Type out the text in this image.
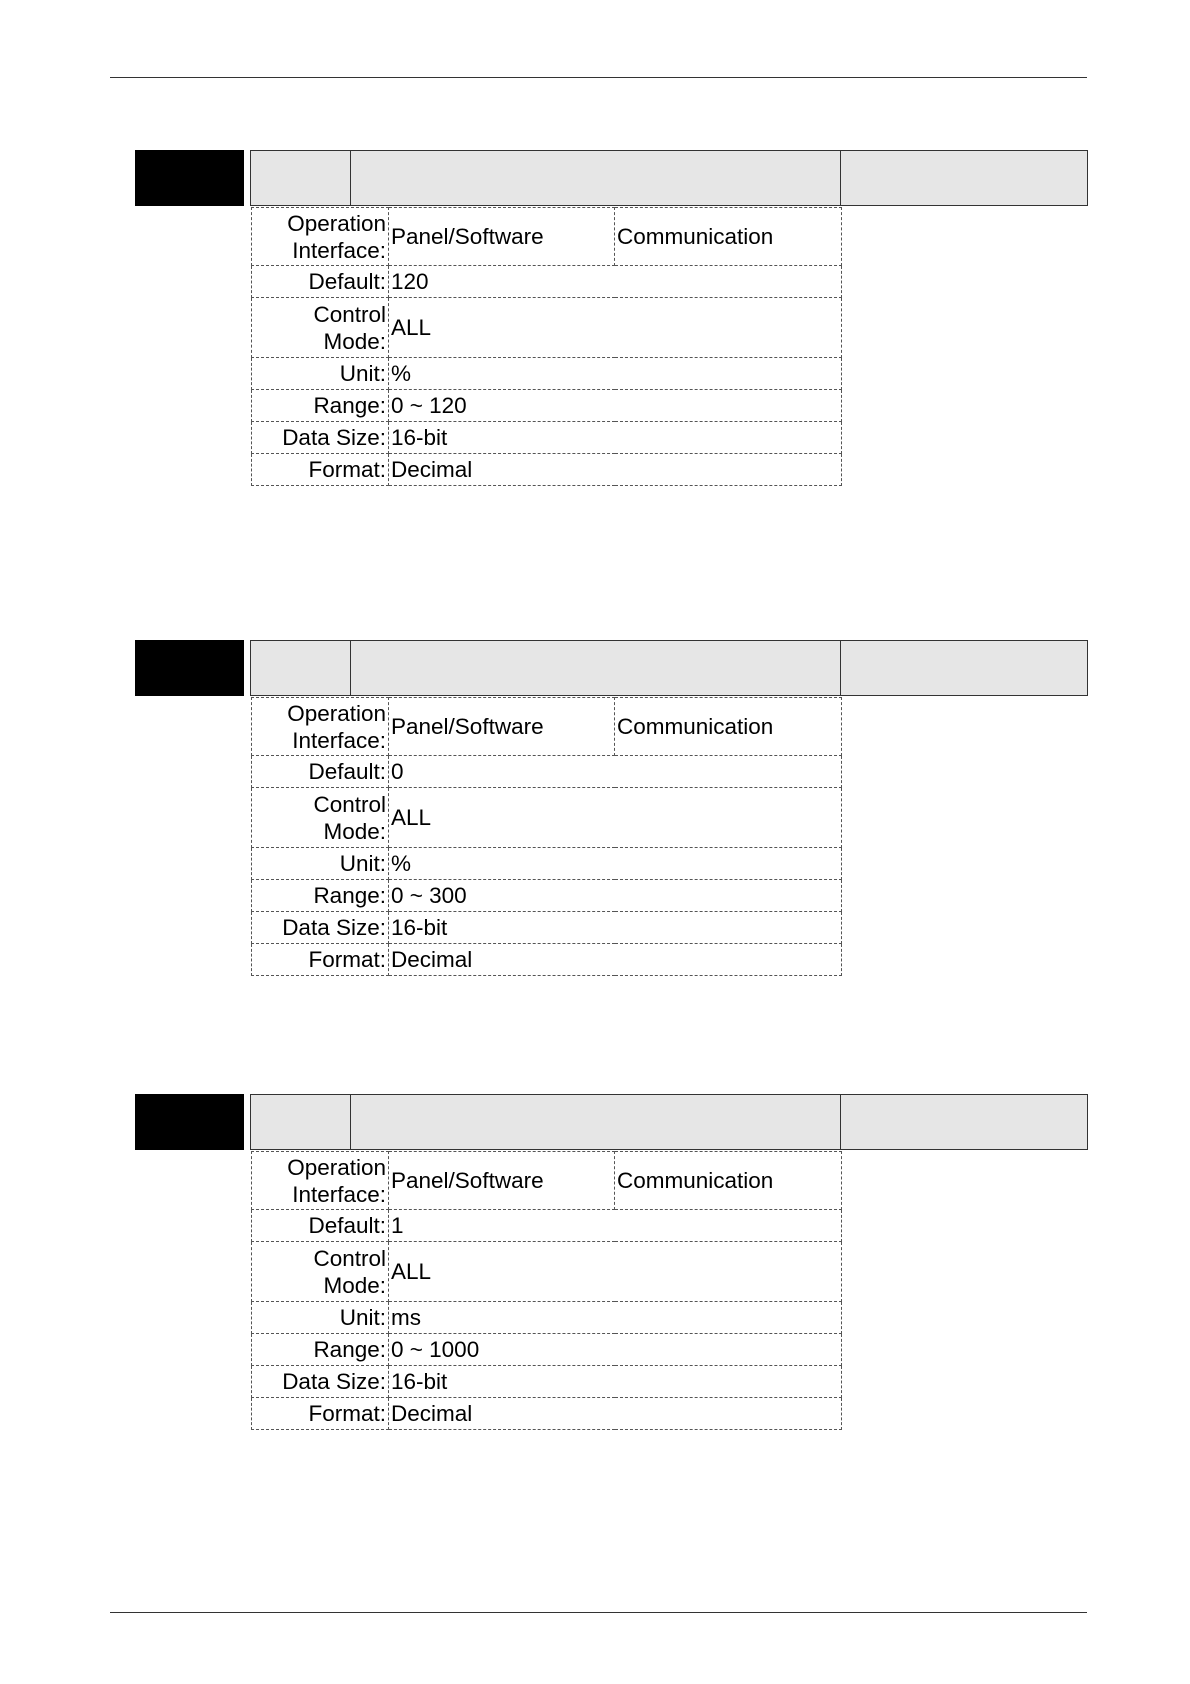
Operation
Interface:	Panel/Software	Communication
Default:	120	

Control
Mode:	ALL	
Unit:	%	
Range:	0 ~ 120	
Data Size:	16-bit	
Format:	Decimal	
Operation
Interface:	Panel/Software	Communication
Default:	0	

Control
Mode:	ALL	
Unit:	%	
Range:	0 ~ 300	
Data Size:	16-bit	
Format:	Decimal	
Operation
Interface:	Panel/Software	Communication
Default:	1	

Control
Mode:	ALL	
Unit:	ms	
Range:	0 ~ 1000	
Data Size:	16-bit	
Format:	Decimal	
